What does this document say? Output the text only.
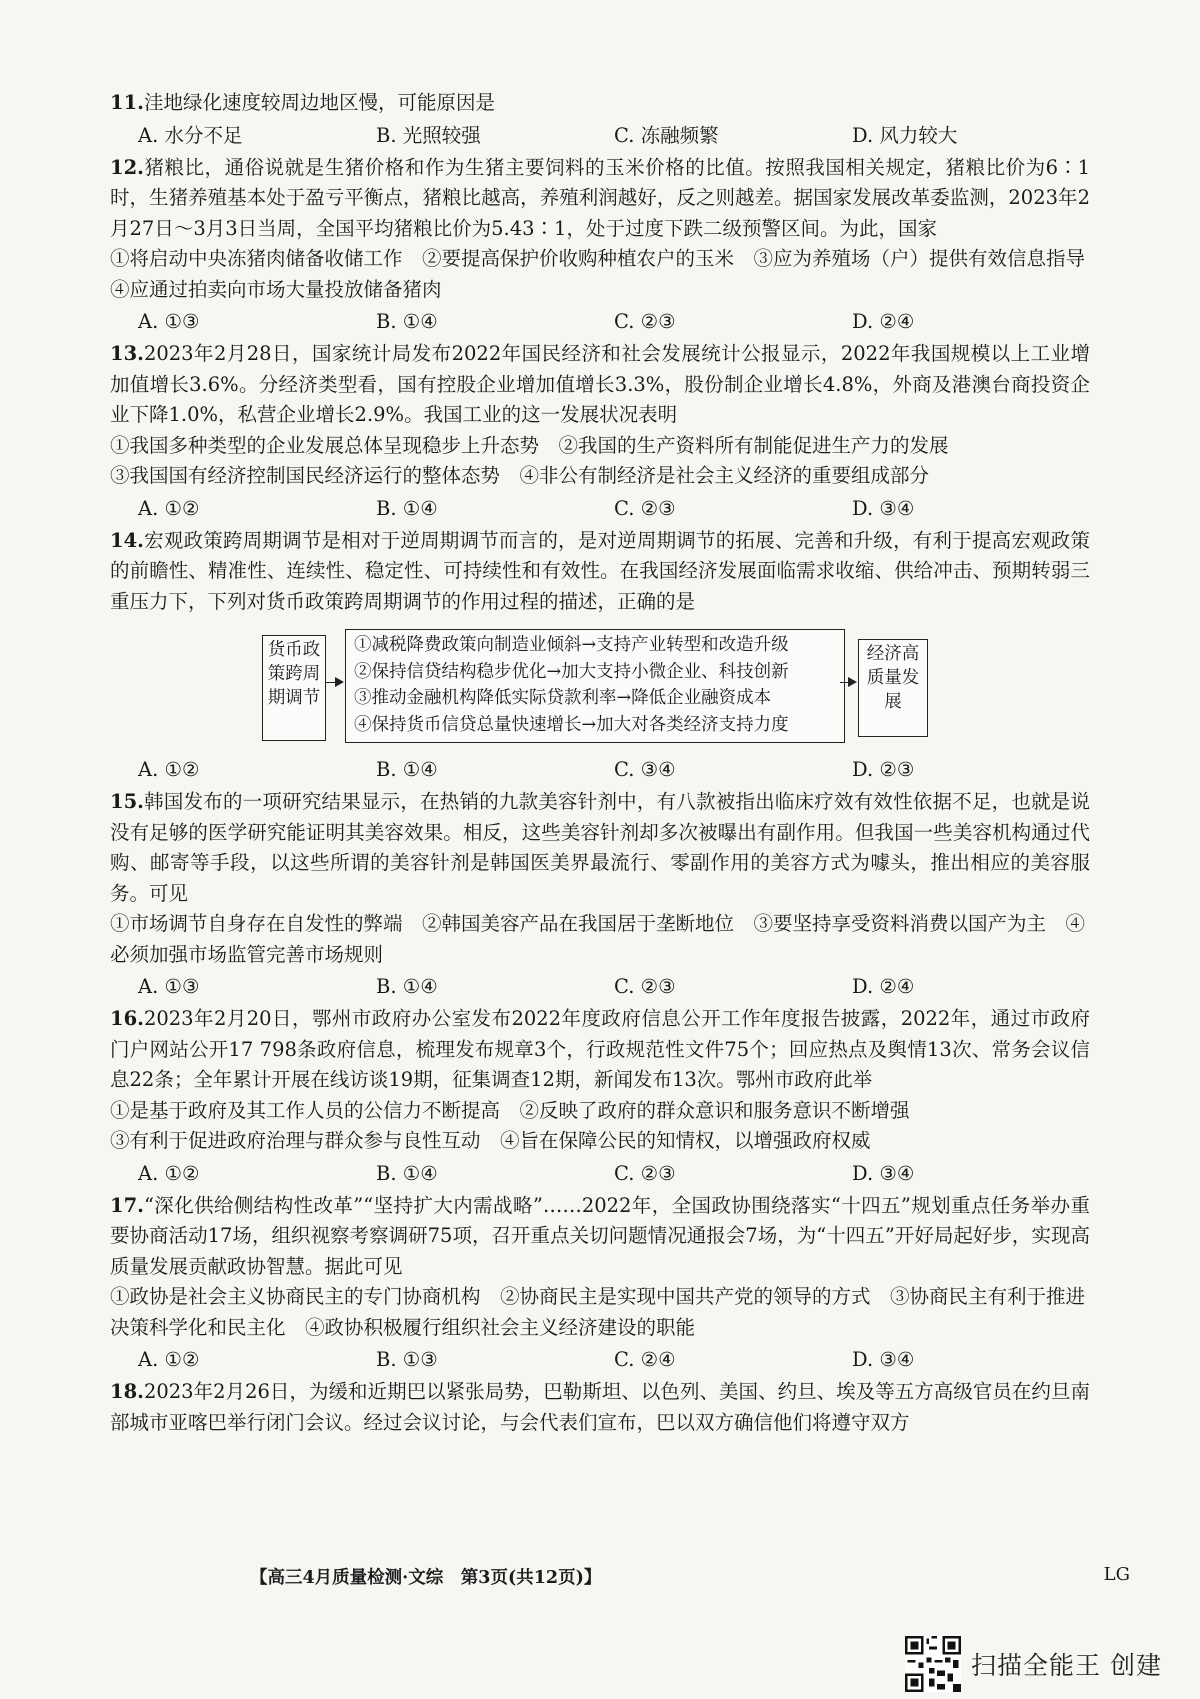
11.洼地绿化速度较周边地区慢，可能原因是

A. 水分不足	B. 光照较强	C. 冻融频繁	D. 风力较大

12.猪粮比，通俗说就是生猪价格和作为生猪主要饲料的玉米价格的比值。按照我国相关规定，猪粮比价为6∶1时，生猪养殖基本处于盈亏平衡点，猪粮比越高，养殖利润越好，反之则越差。据国家发展改革委监测，2023年2月27日～3月3日当周，全国平均猪粮比价为5.43∶1，处于过度下跌二级预警区间。为此，国家

①将启动中央冻猪肉储备收储工作　②要提高保护价收购种植农户的玉米　③应为养殖场（户）提供有效信息指导　④应通过拍卖向市场大量投放储备猪肉

A. ①③	B. ①④	C. ②③	D. ②④

13.2023年2月28日，国家统计局发布2022年国民经济和社会发展统计公报显示，2022年我国规模以上工业增加值增长3.6%。分经济类型看，国有控股企业增加值增长3.3%，股份制企业增长4.8%，外商及港澳台商投资企业下降1.0%，私营企业增长2.9%。我国工业的这一发展状况表明

①我国多种类型的企业发展总体呈现稳步上升态势　②我国的生产资料所有制能促进生产力的发展

③我国国有经济控制国民经济运行的整体态势　④非公有制经济是社会主义经济的重要组成部分

A. ①②	B. ①④	C. ②③	D. ③④

14.宏观政策跨周期调节是相对于逆周期调节而言的，是对逆周期调节的拓展、完善和升级，有利于提高宏观政策的前瞻性、精准性、连续性、稳定性、可持续性和有效性。在我国经济发展面临需求收缩、供给冲击、预期转弱三重压力下，下列对货币政策跨周期调节的作用过程的描述，正确的是

货币政策跨周期调节
①减税降费政策向制造业倾斜→支持产业转型和改造升级
②保持信贷结构稳步优化→加大支持小微企业、科技创新
③推动金融机构降低实际贷款利率→降低企业融资成本
④保持货币信贷总量快速增长→加大对各类经济支持力度
经济高质量发展
A. ①②	B. ①④	C. ③④	D. ②③

15.韩国发布的一项研究结果显示，在热销的九款美容针剂中，有八款被指出临床疗效有效性依据不足，也就是说没有足够的医学研究能证明其美容效果。相反，这些美容针剂却多次被曝出有副作用。但我国一些美容机构通过代购、邮寄等手段，以这些所谓的美容针剂是韩国医美界最流行、零副作用的美容方式为噱头，推出相应的美容服务。可见

①市场调节自身存在自发性的弊端　②韩国美容产品在我国居于垄断地位　③要坚持享受资料消费以国产为主　④必须加强市场监管完善市场规则

A. ①③	B. ①④	C. ②③	D. ②④

16.2023年2月20日，鄂州市政府办公室发布2022年度政府信息公开工作年度报告披露，2022年，通过市政府门户网站公开17 798条政府信息，梳理发布规章3个，行政规范性文件75个；回应热点及舆情13次、常务会议信息22条；全年累计开展在线访谈19期，征集调查12期，新闻发布13次。鄂州市政府此举

①是基于政府及其工作人员的公信力不断提高　②反映了政府的群众意识和服务意识不断增强

③有利于促进政府治理与群众参与良性互动　④旨在保障公民的知情权，以增强政府权威

A. ①②	B. ①④	C. ②③	D. ③④

17.“深化供给侧结构性改革”“坚持扩大内需战略”……2022年，全国政协围绕落实“十四五”规划重点任务举办重要协商活动17场，组织视察考察调研75项，召开重点关切问题情况通报会7场，为“十四五”开好局起好步，实现高质量发展贡献政协智慧。据此可见

①政协是社会主义协商民主的专门协商机构　②协商民主是实现中国共产党的领导的方式　③协商民主有利于推进决策科学化和民主化　④政协积极履行组织社会主义经济建设的职能

A. ①②	B. ①③	C. ②④	D. ③④

18.2023年2月26日，为缓和近期巴以紧张局势，巴勒斯坦、以色列、美国、约旦、埃及等五方高级官员在约旦南部城市亚喀巴举行闭门会议。经过会议讨论，与会代表们宣布，巴以双方确信他们将遵守双方

【高三4月质量检测·文综　第3页(共12页)】	LG
扫描全能王 创建
